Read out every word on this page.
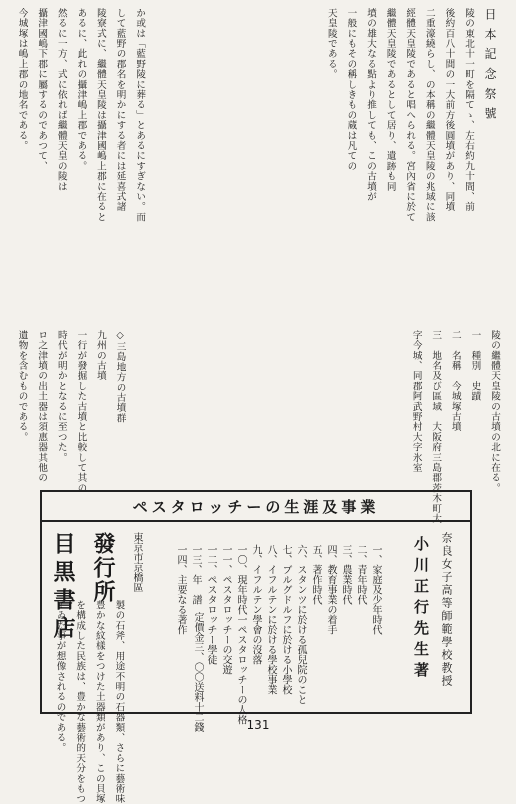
日 本 記 念 祭 號
陵の東北十一町を隔てゝ、左右約九十間、前
後約百八十間の一大前方後圓墳があり、同墳
二重濠繞らし、の本稱の繼體天皇陵の兆域に該
經體天皇陵であると唱へられる。宮內省に於て
繼體天皇陵であるとして居り、遺跡も同
墳の雄大なる點より推しても、この古墳が
一般にもその稱しきもの蔵は凡ての
天皇陵である。
陵の繼體天皇陵の古墳の北に在る。
一　種別　史蹟
二　名稱　今城塚古墳
三　地名及び區域　大阪府三島郡茨木町大
字今城、同郡阿武野村大字氷室
か或は「藍野陵に葬る」とあるにすぎない。而
して藍野の郡名を明かにする者には延喜式諸
陵寮式に、繼體天皇陵は攝津國嶋上郡に在ると
あるに、此れの攝津嶋上郡である。
然るに一方、式に依れば繼體天皇の陵は
攝津國嶋下郡に屬するのであつて、
今城塚は嶋上郡の地名である。
◇三島地方の古墳群
九州の古墳
一行が發掘した古墳と比較して其の
時代が明かとなるに至つた。
ロ之津墳の出土器は須惠器其他の
遺物を含むものである。
製の石斧、用途不明の石器類、さらに藝術味
豊かな紋樣をつけた土器類があり、この貝塚
を構成した民族は、豊かな藝術的天分をもつ
てゐた事が想像されるのである。
ペスタロッチーの生涯及事業
奈良女子高等師範學校教授
小川正行先生著

一、家庭及少年時代
二、青年時代
三、農業時代
四、教育事業の着手
五、著作時代
六、スタンツに於ける孤兒院のこと
七、ブルグドルフに於ける小學校
八、イフルテンに於ける學校事業
九、イフルテン學會の沒落
一〇、現年時代一ペスタロッチーの人格
一一、ペスタロッチーの交遊
一二、ペスタロッチー學徒
一三、年　譜
一四、主要なる著作

定價金三、〇〇送料十二錢
東京市京橋區
發行所
目黒書店
131
